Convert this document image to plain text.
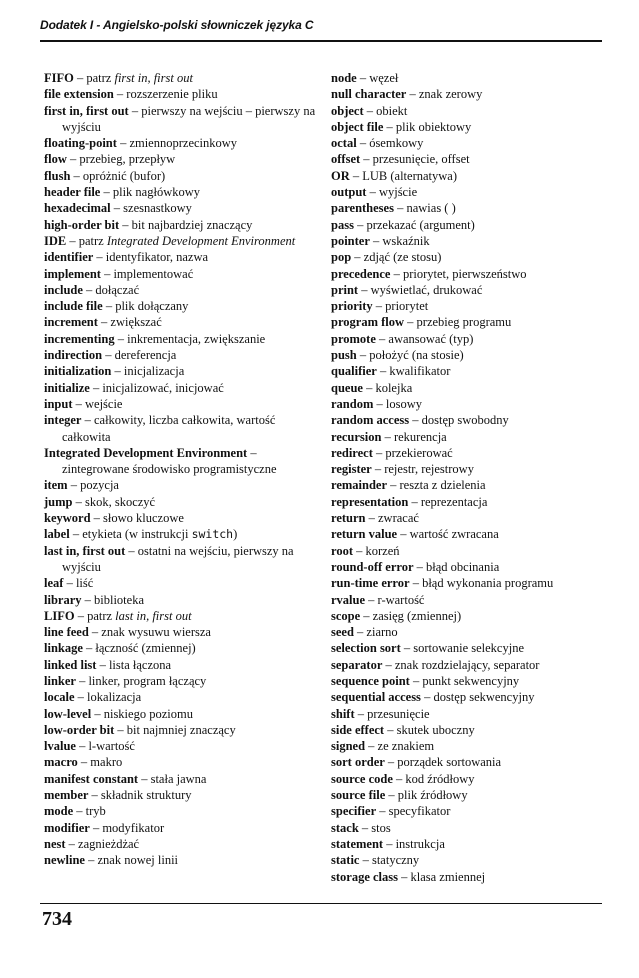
Dodatek I - Angielsko-polski słowniczek języka C
FIFO – patrz first in, first out
file extension – rozszerzenie pliku
first in, first out – pierwszy na wejściu – pierwszy na wyjściu
floating-point – zmiennoprzecinkowy
flow – przebieg, przepływ
flush – opróżnić (bufor)
header file – plik nagłówkowy
hexadecimal – szesnastkowy
high-order bit – bit najbardziej znaczący
IDE – patrz Integrated Development Environment
identifier – identyfikator, nazwa
implement – implementować
include – dołączać
include file – plik dołączany
increment – zwiększać
incrementing – inkrementacja, zwiększanie
indirection – dereferencja
initialization – inicjalizacja
initialize – inicjalizować, inicjować
input – wejście
integer – całkowity, liczba całkowita, wartość całkowita
Integrated Development Environment – zintegrowane środowisko programistyczne
item – pozycja
jump – skok, skoczyć
keyword – słowo kluczowe
label – etykieta (w instrukcji switch)
last in, first out – ostatni na wejściu, pierwszy na wyjściu
leaf – liść
library – biblioteka
LIFO – patrz last in, first out
line feed – znak wysuwu wiersza
linkage – łączność (zmiennej)
linked list – lista łączona
linker – linker, program łączący
locale – lokalizacja
low-level – niskiego poziomu
low-order bit – bit najmniej znaczący
lvalue – l-wartość
macro – makro
manifest constant – stała jawna
member – składnik struktury
mode – tryb
modifier – modyfikator
nest – zagnieżdżać
newline – znak nowej linii
node – węzeł
null character – znak zerowy
object – obiekt
object file – plik obiektowy
octal – ósemkowy
offset – przesunięcie, offset
OR – LUB (alternatywa)
output – wyjście
parentheses – nawias ( )
pass – przekazać (argument)
pointer – wskaźnik
pop – zdjąć (ze stosu)
precedence – priorytet, pierwszeństwo
print – wyświetlać, drukować
priority – priorytet
program flow – przebieg programu
promote – awansować (typ)
push – położyć (na stosie)
qualifier – kwalifikator
queue – kolejka
random – losowy
random access – dostęp swobodny
recursion – rekurencja
redirect – przekierować
register – rejestr, rejestrowy
remainder – reszta z dzielenia
representation – reprezentacja
return – zwracać
return value – wartość zwracana
root – korzeń
round-off error – błąd obcinania
run-time error – błąd wykonania programu
rvalue – r-wartość
scope – zasięg (zmiennej)
seed – ziarno
selection sort – sortowanie selekcyjne
separator – znak rozdzielający, separator
sequence point – punkt sekwencyjny
sequential access – dostęp sekwencyjny
shift – przesunięcie
side effect – skutek uboczny
signed – ze znakiem
sort order – porządek sortowania
source code – kod źródłowy
source file – plik źródłowy
specifier – specyfikator
stack – stos
statement – instrukcja
static – statyczny
storage class – klasa zmiennej
734
